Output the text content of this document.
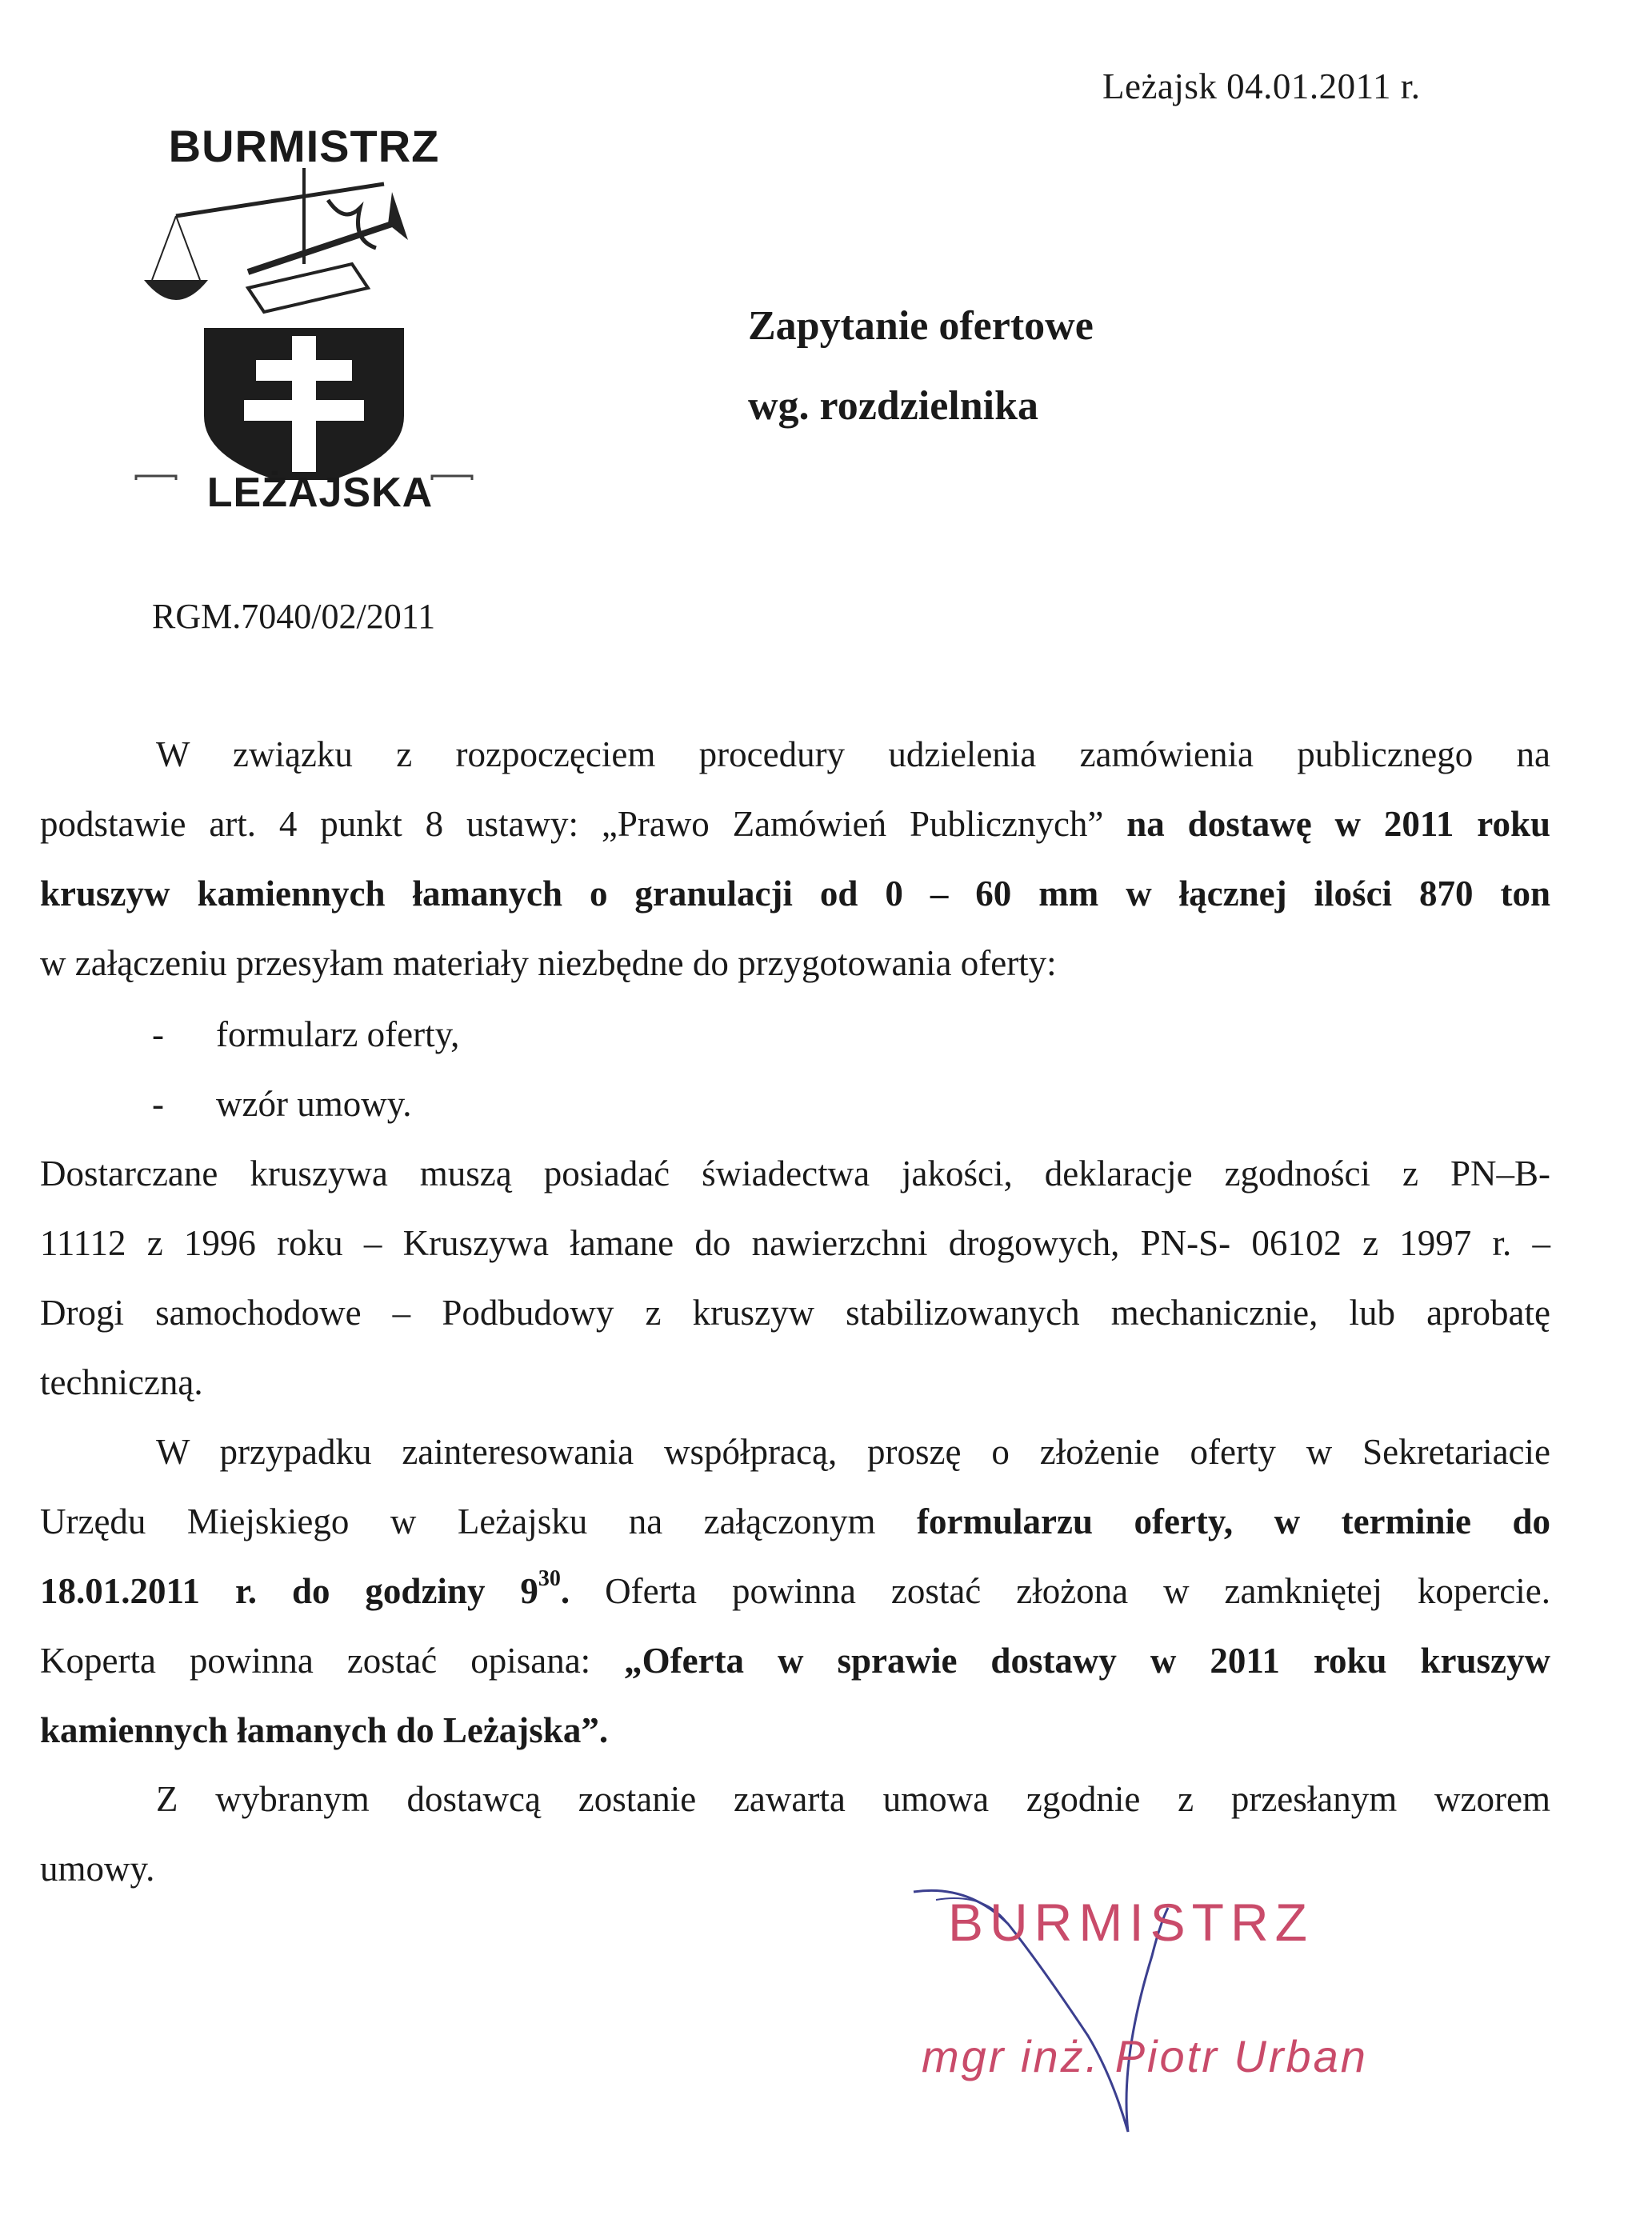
Leżajsk 04.01.2011 r.
BURMISTRZ
LEŻAJSKA
Zapytanie ofertowe
wg. rozdzielnika
RGM.7040/02/2011
W związku z rozpoczęciem procedury udzielenia zamówienia publicznego na
podstawie art. 4 punkt 8 ustawy: „Prawo Zamówień Publicznych” na dostawę w 2011 roku
kruszyw kamiennych łamanych o granulacji od 0 – 60 mm w łącznej ilości 870 ton
w załączeniu przesyłam materiały niezbędne do przygotowania oferty:
- formularz oferty,
- wzór umowy.
Dostarczane kruszywa muszą posiadać świadectwa jakości, deklaracje zgodności z PN–B-
11112 z 1996 roku – Kruszywa łamane do nawierzchni drogowych, PN-S- 06102 z 1997 r. –
Drogi samochodowe – Podbudowy z kruszyw stabilizowanych mechanicznie, lub aprobatę
techniczną.
W przypadku zainteresowania współpracą, proszę o złożenie oferty w Sekretariacie
Urzędu Miejskiego w Leżajsku na załączonym formularzu oferty, w terminie do
18.01.2011 r. do godziny $9^{30}$. Oferta powinna zostać złożona w zamkniętej kopercie.
Koperta powinna zostać opisana: „Oferta w sprawie dostawy w 2011 roku kruszyw
kamiennych łamanych do Leżajska”.
Z wybranym dostawcą zostanie zawarta umowa zgodnie z przesłanym wzorem
umowy.
BURMISTRZ
mgr inż. Piotr Urban
